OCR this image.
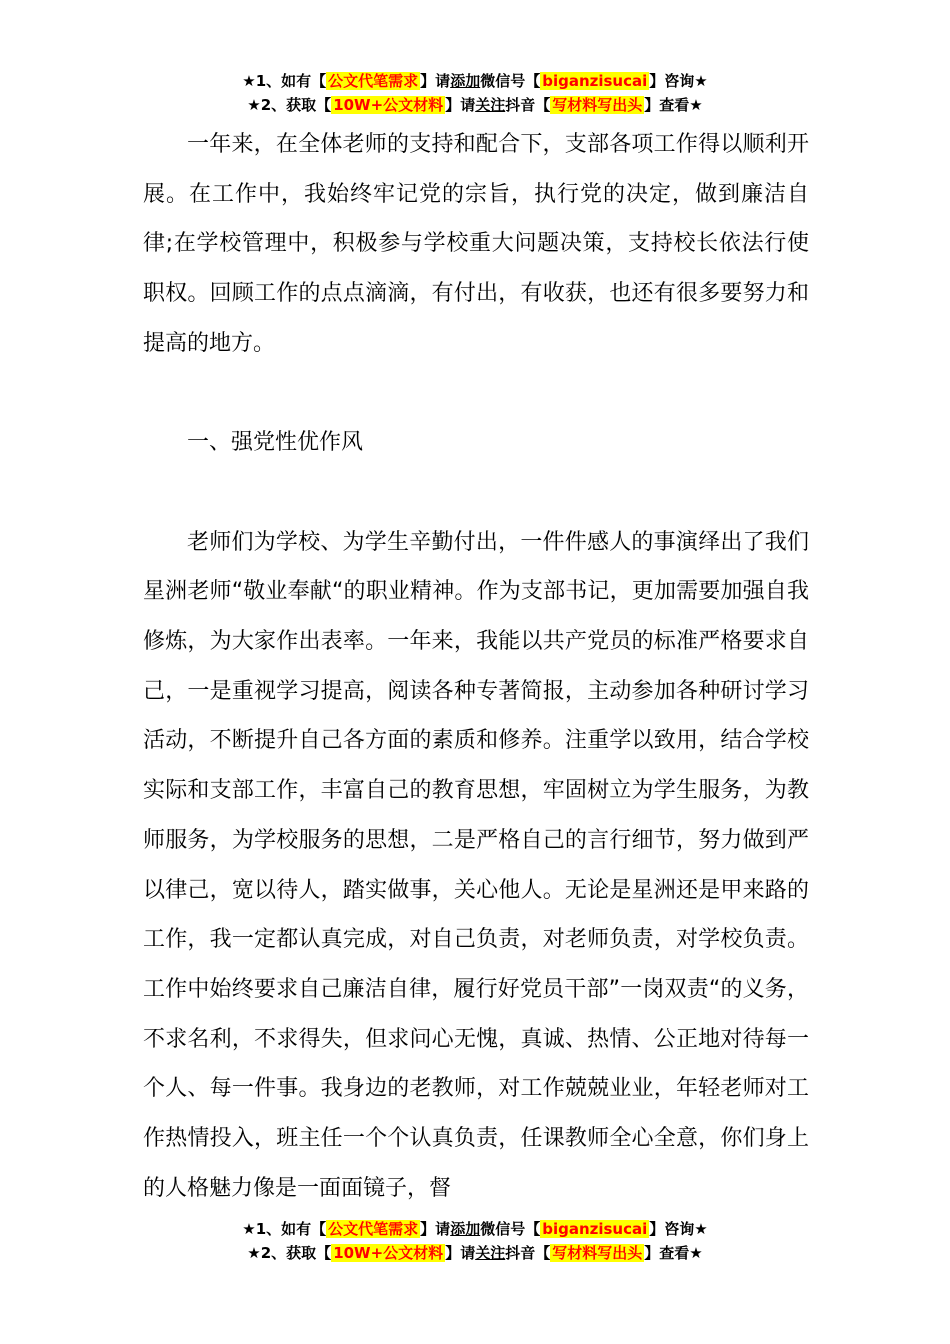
★1、如有【 公文代笔需求 】请添加微信号【 biganzisucai 】咨询★
★2、获取【 10W+公文材料 】请关注抖音【 写材料写出头 】查看★

一年来，在全体老师的支持和配合下，支部各项工作得以顺利开展。在工作中，我始终牢记党的宗旨，执行党的决定，做到廉洁自律;在学校管理中，积极参与学校重大问题决策，支持校长依法行使职权。回顾工作的点点滴滴，有付出，有收获，也还有很多要努力和提高的地方。

一、强党性优作风

老师们为学校、为学生辛勤付出，一件件感人的事演绎出了我们星洲老师“敬业奉献“的职业精神。作为支部书记，更加需要加强自我修炼，为大家作出表率。一年来，我能以共产党员的标准严格要求自己，一是重视学习提高，阅读各种专著简报，主动参加各种研讨学习活动，不断提升自己各方面的素质和修养。注重学以致用，结合学校实际和支部工作，丰富自己的教育思想，牢固树立为学生服务，为教师服务，为学校服务的思想，二是严格自己的言行细节，努力做到严以律己，宽以待人，踏实做事，关心他人。无论是星洲还是甲来路的工作，我一定都认真完成，对自己负责，对老师负责，对学校负责。工作中始终要求自己廉洁自律，履行好党员干部”一岗双责“的义务，不求名利，不求得失，但求问心无愧，真诚、热情、公正地对待每一个人、每一件事。我身边的老教师，对工作兢兢业业，年轻老师对工作热情投入，班主任一个个认真负责，任课教师全心全意，你们身上的人格魅力像是一面面镜子，督

★1、如有【 公文代笔需求 】请添加微信号【 biganzisucai 】咨询★
★2、获取【 10W+公文材料 】请关注抖音【 写材料写出头 】查看★
